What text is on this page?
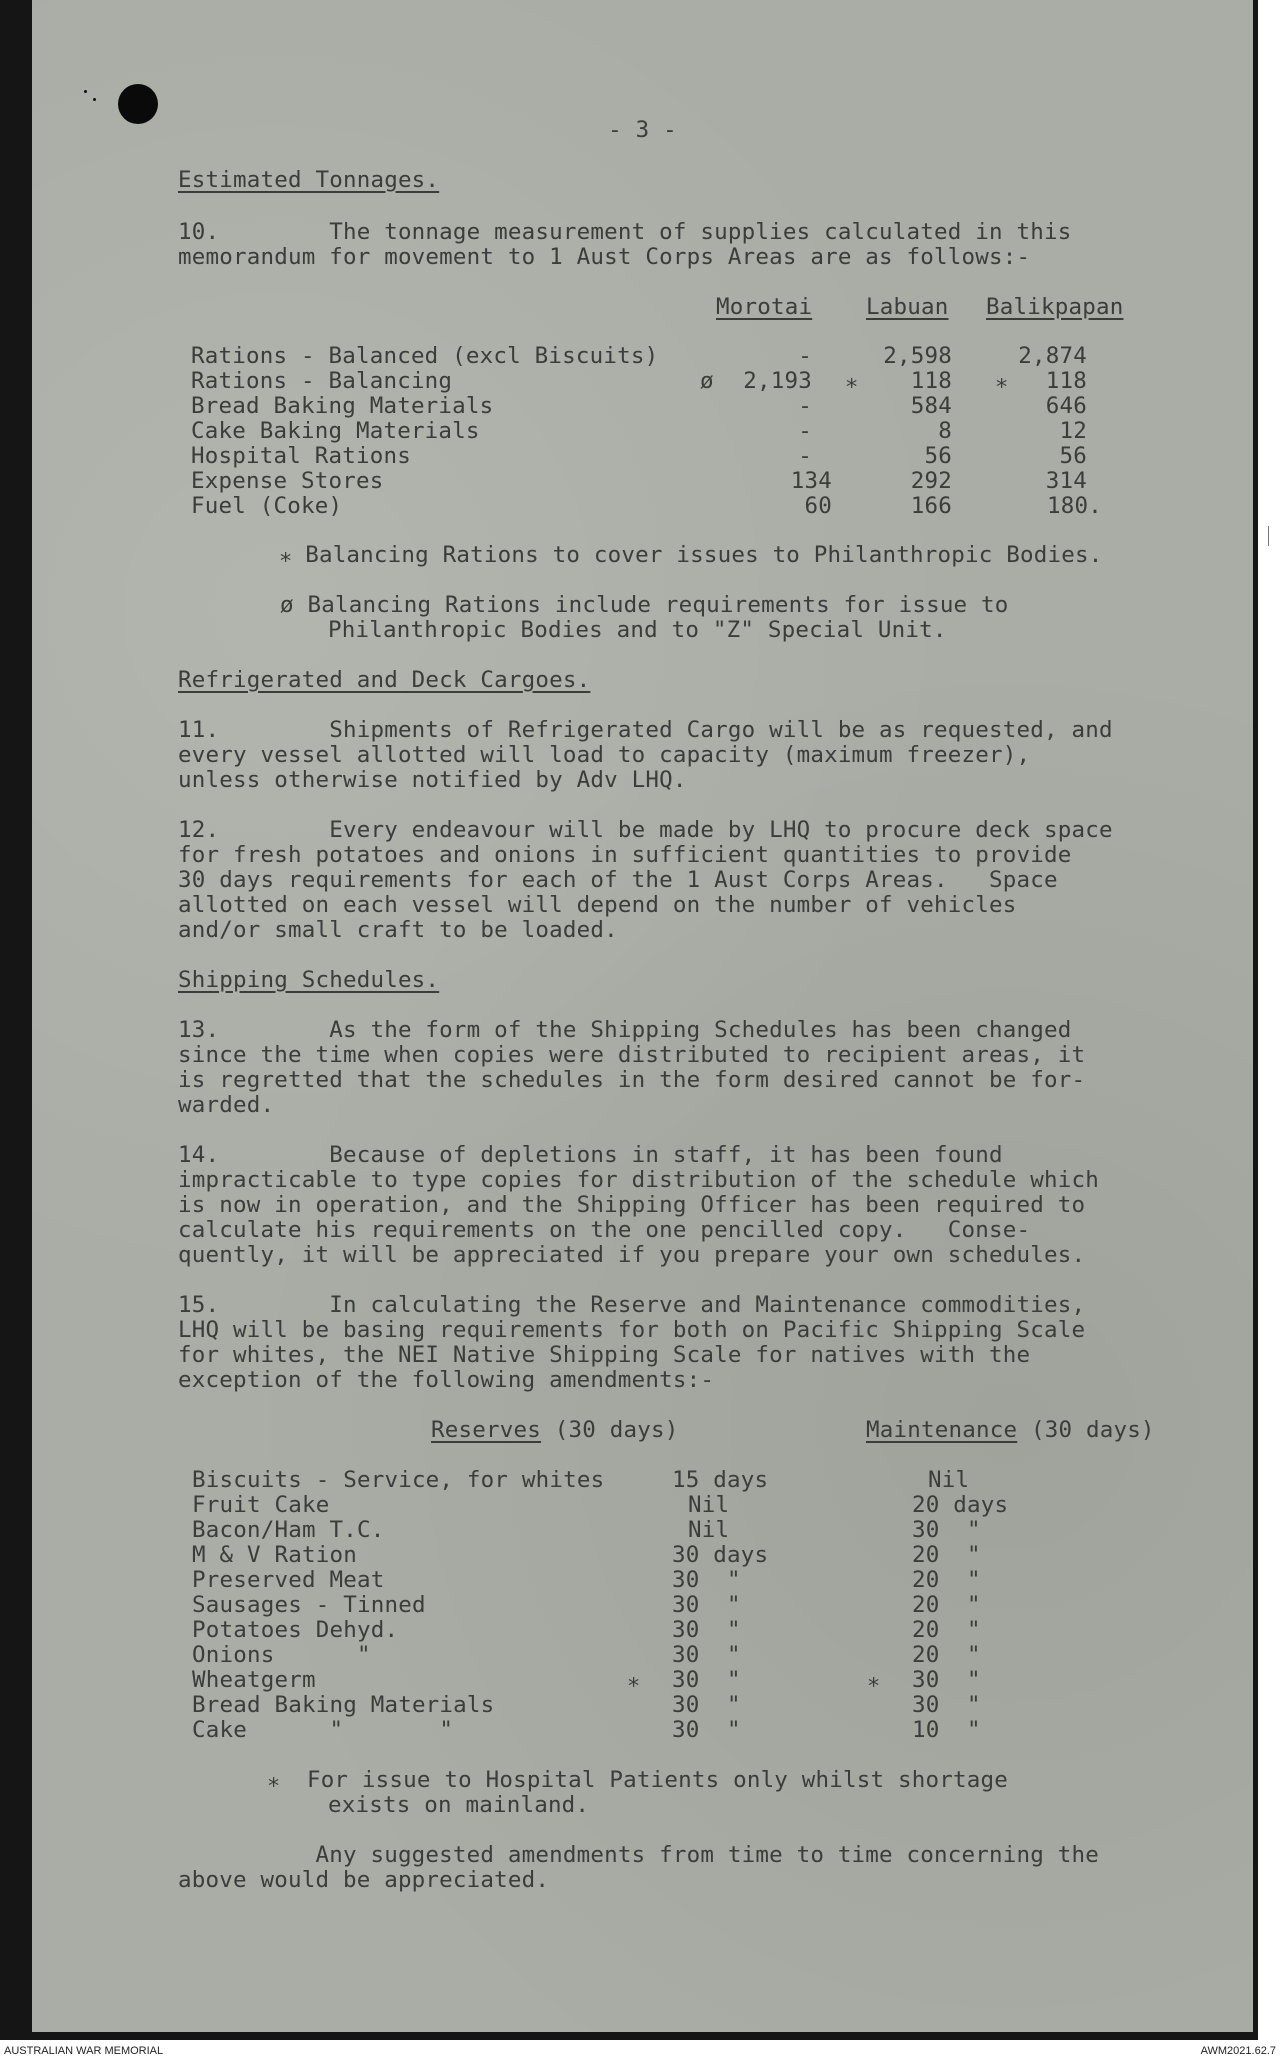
- 3 -
Estimated Tonnages.
10.        The tonnage measurement of supplies calculated in this
memorandum for movement to 1 Aust Corps Areas are as follows:-
Morotai Labuan Balikpapan
Rations - Balanced (excl Biscuits)	-	2,598	2,874
Rations - Balancing	ø	2,193 ⁎	118 ⁎	118
Bread Baking Materials	-	584	646
Cake Baking Materials	-	8	12
Hospital Rations	-	56	56
Expense Stores	134	292	314
Fuel (Coke)	60	166	180.
⁎ Balancing Rations to cover issues to Philanthropic Bodies.
ø Balancing Rations include requirements for issue to
Philanthropic Bodies and to "Z" Special Unit.
Refrigerated and Deck Cargoes.
11.        Shipments of Refrigerated Cargo will be as requested, and
every vessel allotted will load to capacity (maximum freezer),
unless otherwise notified by Adv LHQ.
12.        Every endeavour will be made by LHQ to procure deck space
for fresh potatoes and onions in sufficient quantities to provide
30 days requirements for each of the 1 Aust Corps Areas.   Space
allotted on each vessel will depend on the number of vehicles
and/or small craft to be loaded.
Shipping Schedules.
13.        As the form of the Shipping Schedules has been changed
since the time when copies were distributed to recipient areas, it
is regretted that the schedules in the form desired cannot be for-
warded.
14.        Because of depletions in staff, it has been found
impracticable to type copies for distribution of the schedule which
is now in operation, and the Shipping Officer has been required to
calculate his requirements on the one pencilled copy.   Conse-
quently, it will be appreciated if you prepare your own schedules.
15.        In calculating the Reserve and Maintenance commodities,
LHQ will be basing requirements for both on Pacific Shipping Scale
for whites, the NEI Native Shipping Scale for natives with the
exception of the following amendments:-
Reserves (30 days)	Maintenance (30 days)
Biscuits - Service, for whites	15 days	Nil
Fruit Cake	Nil	20 days
Bacon/Ham T.C.	Nil	30  "
M & V Ration	30 days	20  "
Preserved Meat	30  "	20  "
Sausages - Tinned	30  "	20  "
Potatoes Dehyd.	30  "	20  "
Onions      "	30  "	20  "
Wheatgerm	⁎ 30  "	⁎ 30  "
Bread Baking Materials	30  "	30  "
Cake      "       "	30  "	10  "
⁎  For issue to Hospital Patients only whilst shortage
exists on mainland.
Any suggested amendments from time to time concerning the
above would be appreciated.
AUSTRALIAN WAR MEMORIAL	AWM2021.62.7
